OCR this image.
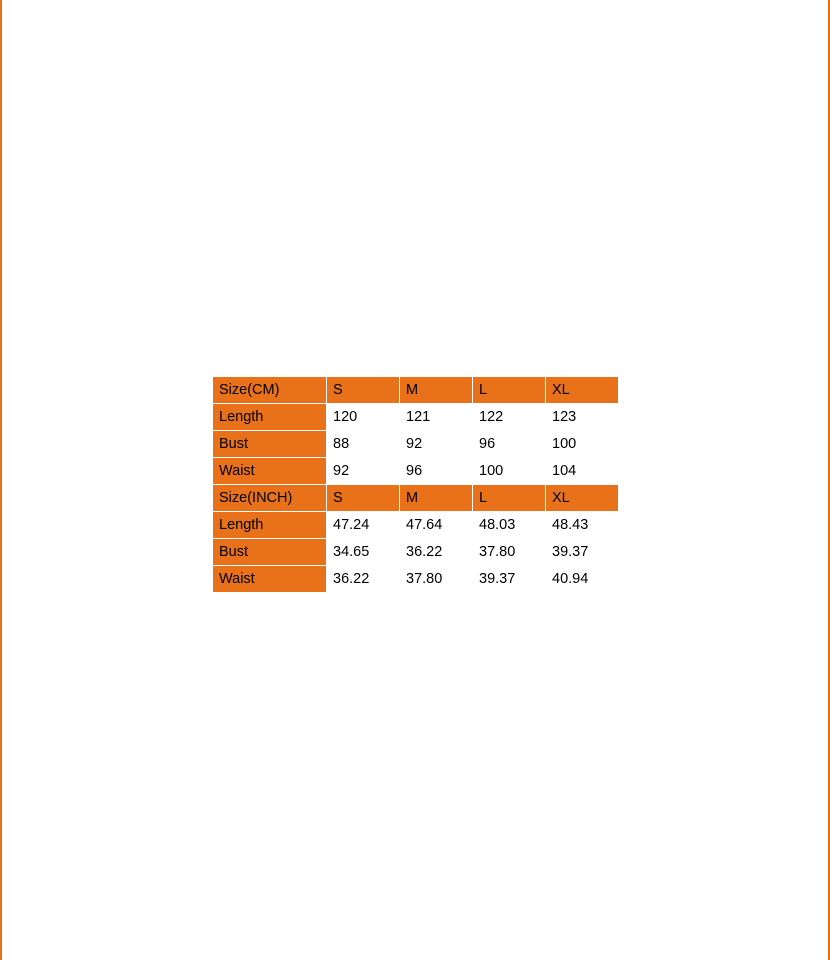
Size(CM)	S	M	L	XL
Length	120	121	122	123
Bust	88	92	96	100
Waist	92	96	100	104
Size(INCH)	S	M	L	XL
Length	47.24	47.64	48.03	48.43
Bust	34.65	36.22	37.80	39.37
Waist	36.22	37.80	39.37	40.94
